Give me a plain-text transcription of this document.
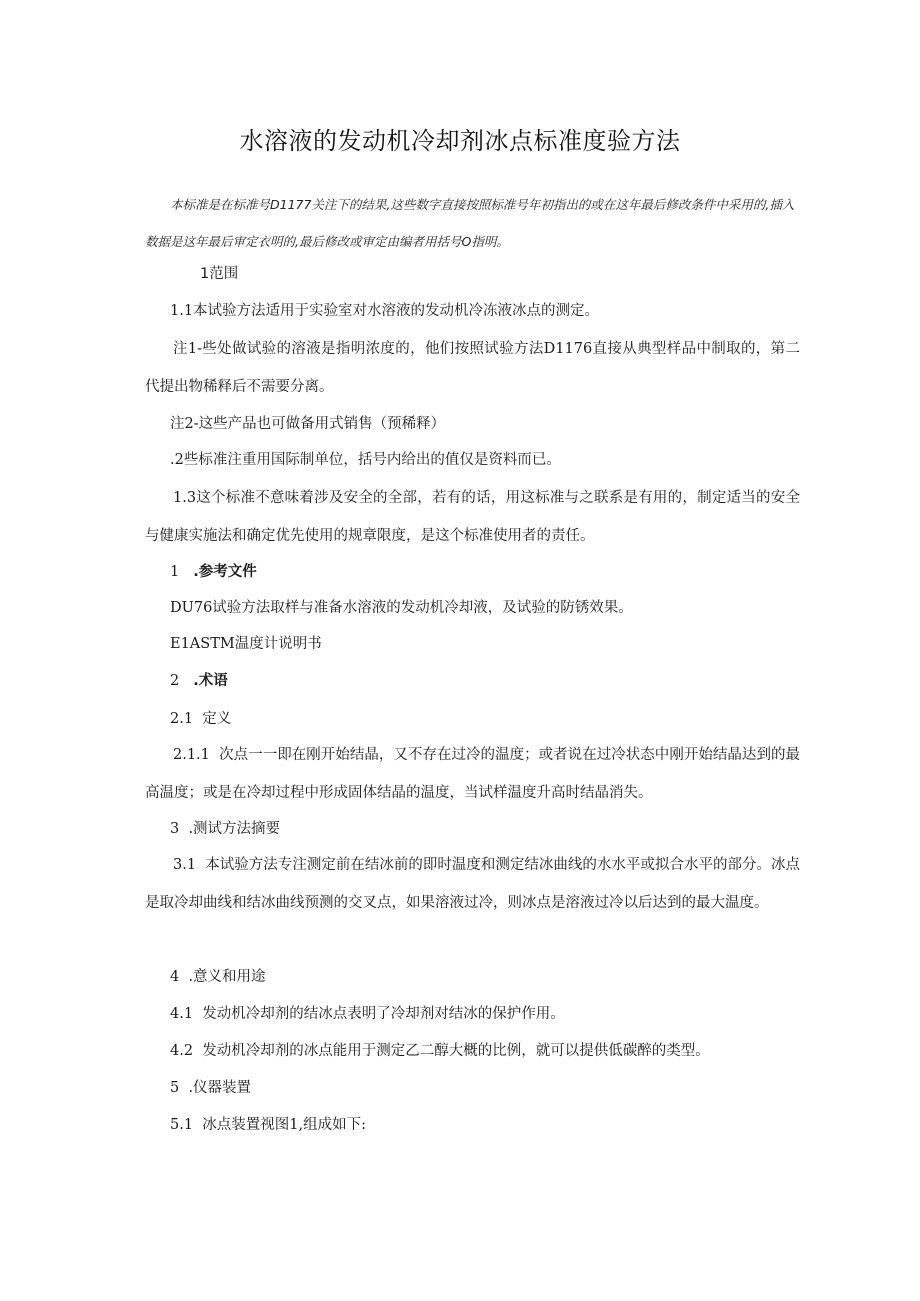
水溶液的发动机冷却剂冰点标准度验方法

本标准是在标准号D1177关注下的结果,这些数字直接按照标准号年初指出的或在这年最后修改条件中采用的,插入数据是这年最后审定衣明的,最后修改或审定由编者用括号O指明。

1范围

1.1本试验方法适用于实验室对水溶液的发动机冷冻液冰点的测定。

注1-些处做试验的溶液是指明浓度的，他们按照试验方法D1176直接从典型样品中制取的，第二代提出物稀释后不需要分离。

注2-这些产品也可做备用式销售（预稀释）

.2些标准注重用国际制单位，括号内给出的值仅是资料而已。

1.3这个标准不意味着涉及安全的全部，若有的话，用这标准与之联系是有用的，制定适当的安全与健康实施法和确定优先使用的规章限度，是这个标准使用者的责任。

1 .参考文件

DU76试验方法取样与准备水溶液的发动机冷却液，及试验的防锈效果。

E1ASTM温度计说明书

2 .术语

2.1  定义

2.1.1  次点一一即在刚开始结晶，又不存在过冷的温度；或者说在过冷状态中刚开始结晶达到的最高温度；或是在冷却过程中形成固体结晶的温度，当试样温度升高时结晶消失。

3  .测试方法摘要

3.1  本试验方法专注测定前在结冰前的即时温度和测定结冰曲线的水水平或拟合水平的部分。冰点是取冷却曲线和结冰曲线预测的交叉点，如果溶液过冷，则冰点是溶液过冷以后达到的最大温度。

4  .意义和用途

4.1  发动机冷却剂的结冰点表明了冷却剂对结冰的保护作用。

4.2  发动机冷却剂的冰点能用于测定乙二醇大概的比例，就可以提供低碳醉的类型。

5  .仪器装置

5.1  冰点装置视图1,组成如下:
